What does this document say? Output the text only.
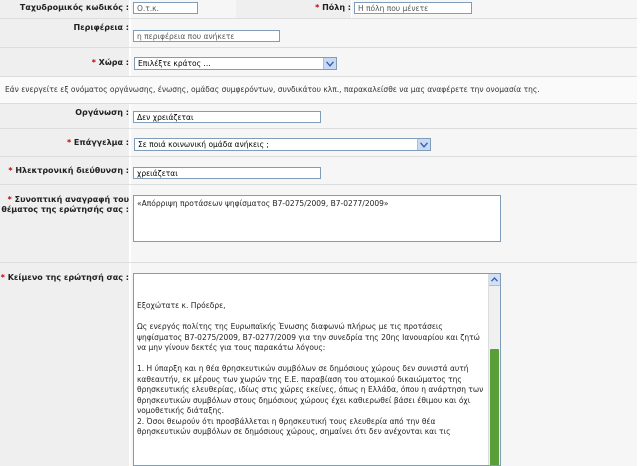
Ταχυδρομικός κωδικός :	Ο.τ.κ.	* Πόλη : Η πόλη που μένετε
Περιφέρεια :
η περιφέρεια που ανήκετε
* Χώρα :	Επιλέξτε κράτος ...
Εάν ενεργείτε εξ ονόματος οργάνωσης, ένωσης, ομάδας συμφερόντων, συνδικάτου κλπ., παρακαλείσθε να μας αναφέρετε την ονομασία της.
Οργάνωση :
Δεν χρειάζεται
* Επάγγελμα :	Σε ποιά κοινωνική ομάδα ανήκεις ;
* Ηλεκτρονική διεύθυνση :	χρειάζεται
* Συνοπτική αναγραφή του θέματος της ερώτησής σας :
«Απόρριψη προτάσεων ψηφίσματος B7-0275/2009, B7-0277/2009»
* Κείμενο της ερώτησή σας :

Εξοχώτατε κ. Πρόεδρε,

Ως ενεργός πολίτης της Ευρωπαϊκής Ένωσης διαφωνώ πλήρως με τις προτάσεις ψηφίσματος B7-0275/2009, B7-0277/2009 για την συνεδρία της 20ης Ιανουαρίου και ζητώ να μην γίνουν δεκτές για τους παρακάτω λόγους:

1. Η ύπαρξη και η θέα θρησκευτικών συμβόλων σε δημόσιους χώρους δεν συνιστά αυτή καθεαυτήν, εκ μέρους των χωρών της Ε.Ε. παραβίαση του ατομικού δικαιώματος της θρησκευτικής ελευθερίας, ιδίως στις χώρες εκείνες, όπως η Ελλάδα, όπου η ανάρτηση των θρησκευτικών συμβόλων στους δημόσιους χώρους έχει καθιερωθεί βάσει έθιμου και όχι νομοθετικής διάταξης.
2. Όσοι θεωρούν ότι προσβάλλεται η θρησκευτική τους ελευθερία από την θέα θρησκευτικών συμβόλων σε δημόσιους χώρους, σημαίνει ότι δεν ανέχονται και τις
